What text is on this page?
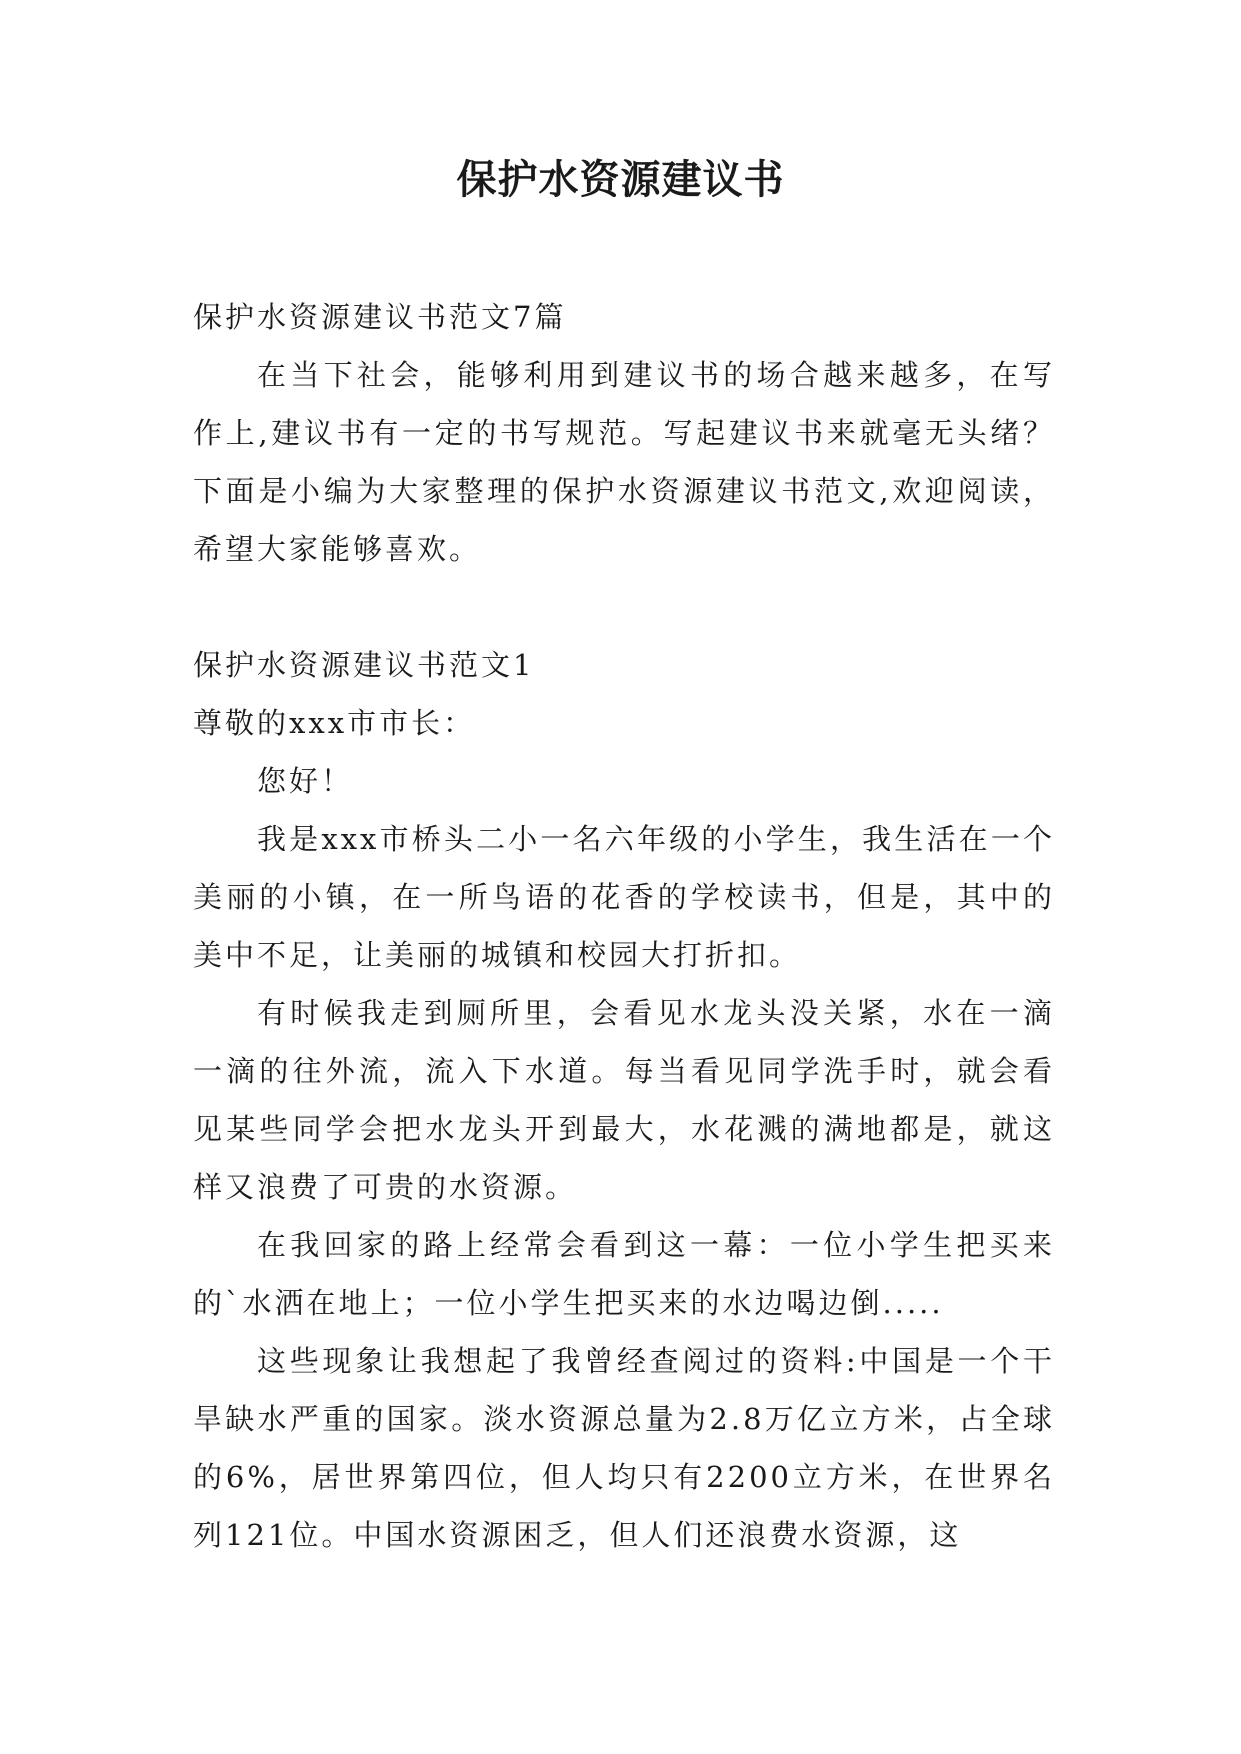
保护水资源建议书

保护水资源建议书范文7篇

在当下社会，能够利用到建议书的场合越来越多，在写作上,建议书有一定的书写规范。写起建议书来就毫无头绪？下面是小编为大家整理的保护水资源建议书范文,欢迎阅读，希望大家能够喜欢。

保护水资源建议书范文1

尊敬的xxx市市长：

您好！

我是xxx市桥头二小一名六年级的小学生，我生活在一个美丽的小镇，在一所鸟语的花香的学校读书，但是，其中的美中不足，让美丽的城镇和校园大打折扣。

有时候我走到厕所里，会看见水龙头没关紧，水在一滴一滴的往外流，流入下水道。每当看见同学洗手时，就会看见某些同学会把水龙头开到最大，水花溅的满地都是，就这样又浪费了可贵的水资源。

在我回家的路上经常会看到这一幕：一位小学生把买来的`水洒在地上；一位小学生把买来的水边喝边倒.....

这些现象让我想起了我曾经查阅过的资料:中国是一个干旱缺水严重的国家。淡水资源总量为2.8万亿立方米，占全球的6%，居世界第四位，但人均只有2200立方米，在世界名列121位。中国水资源困乏，但人们还浪费水资源，这
